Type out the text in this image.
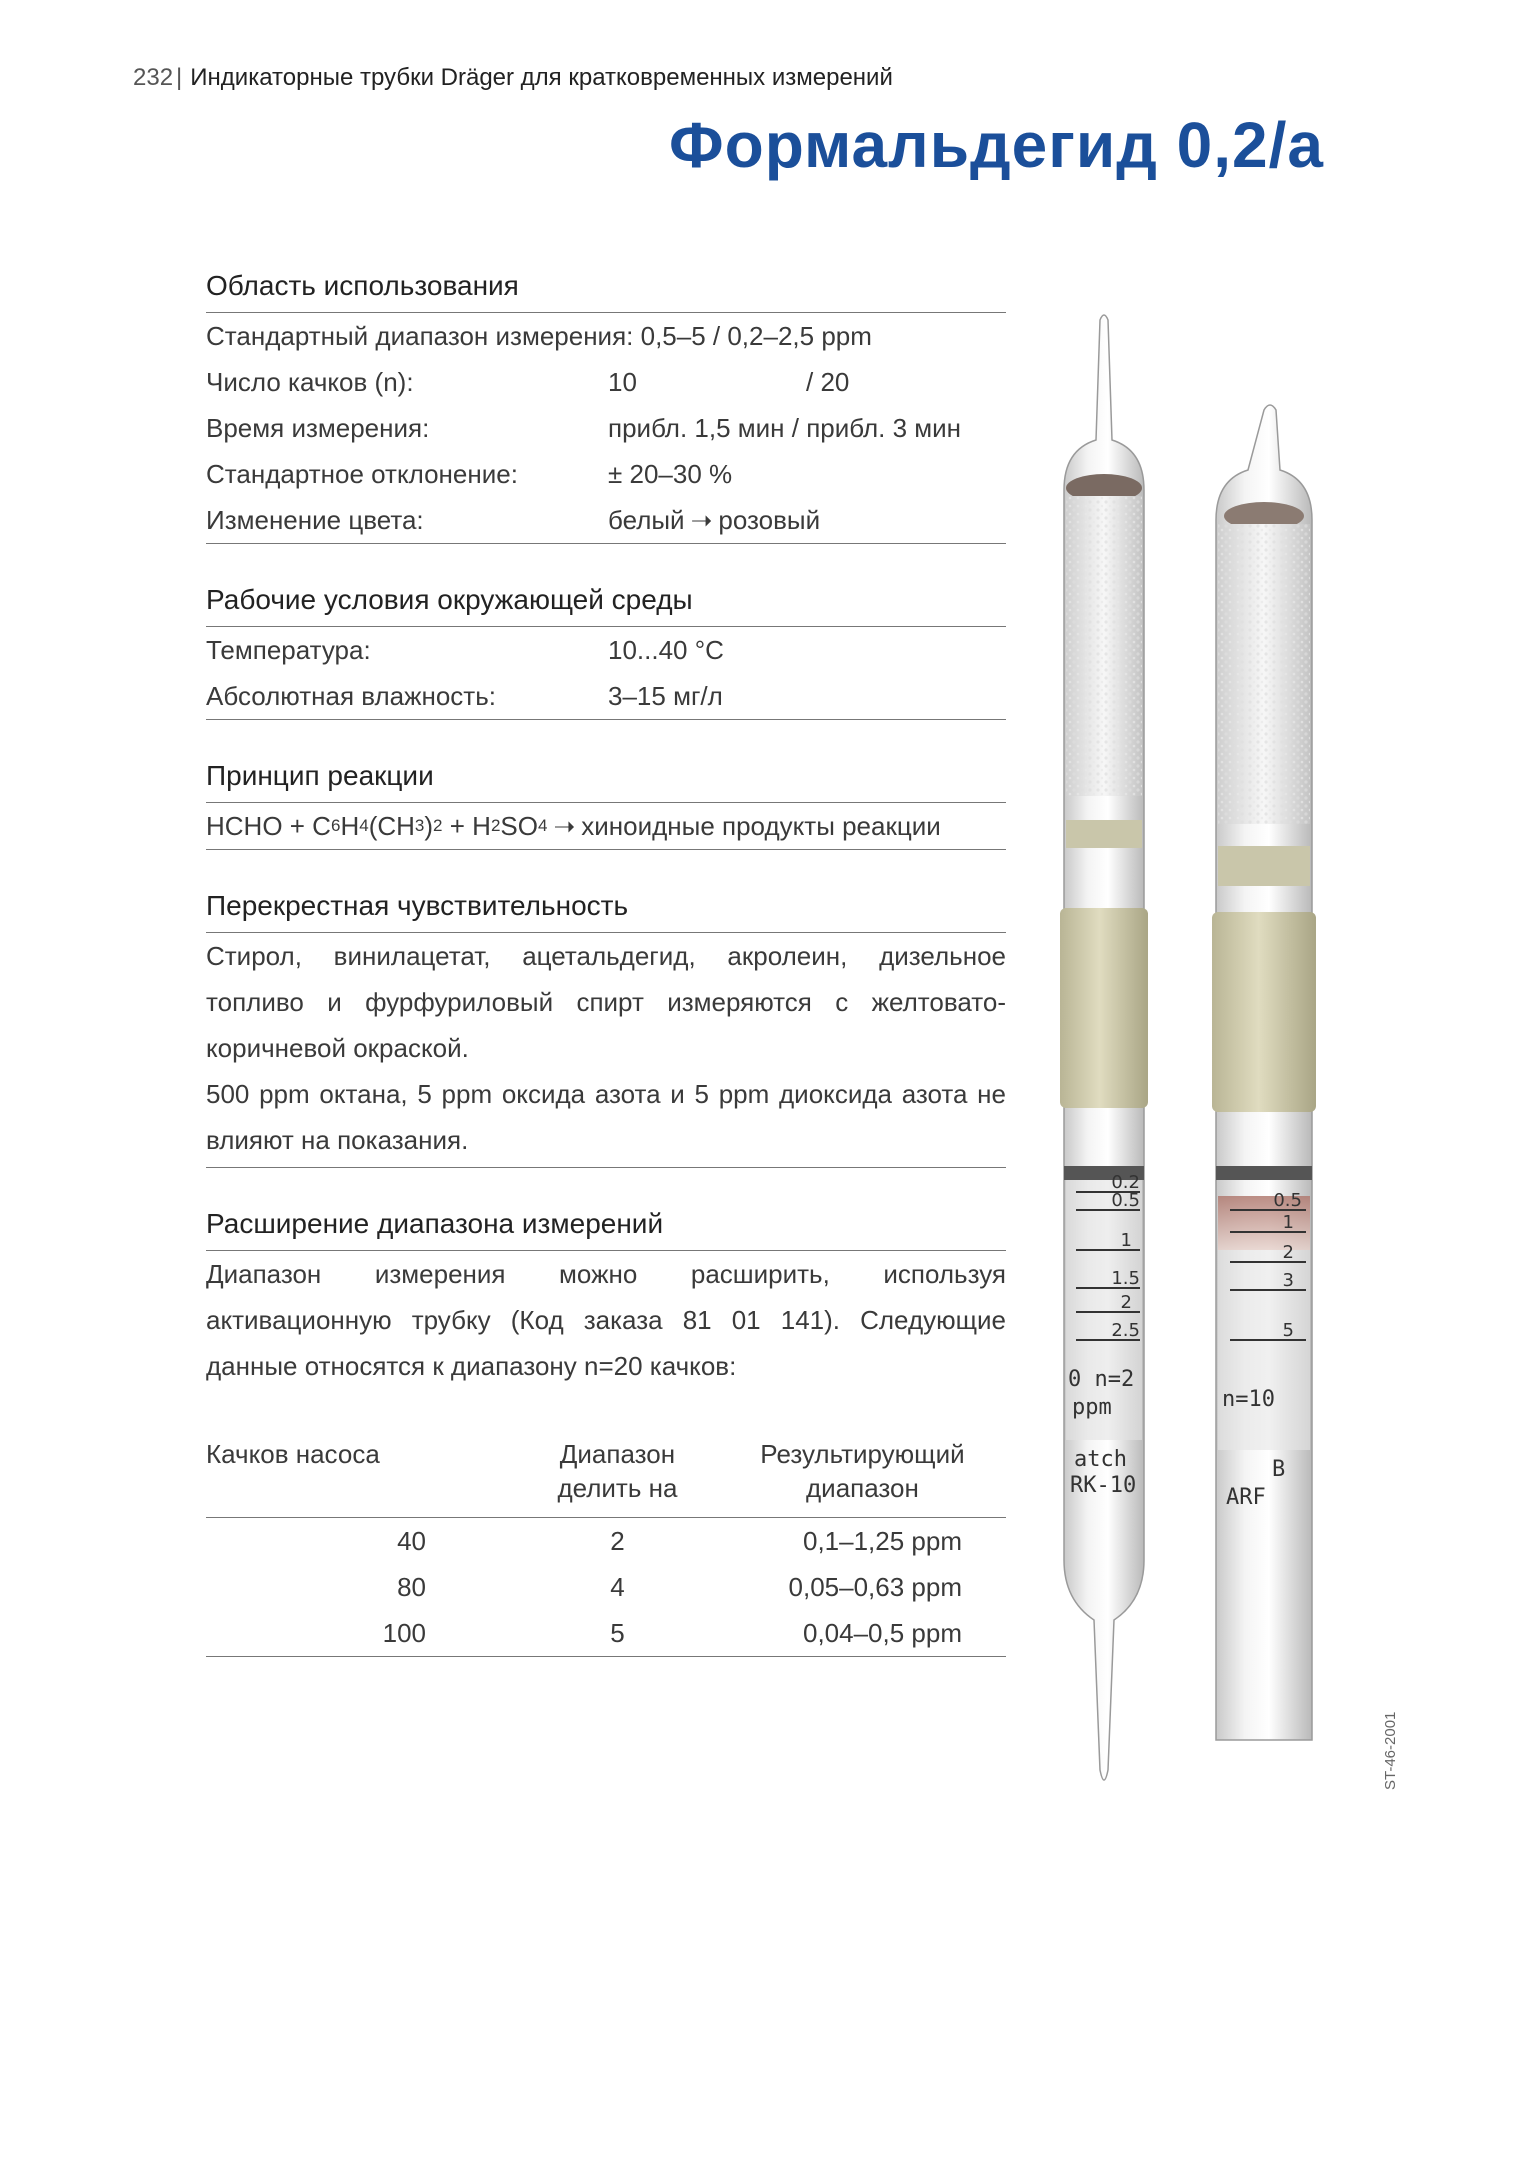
232 | Индикаторные трубки Dräger для кратковременных измерений
Формальдегид 0,2/a
Область использования
Стандартный диапазон измерения: 0,5–5 / 0,2–2,5 ppm
Число качков (n):	10	/ 20
Время измерения:	прибл. 1,5 мин / прибл. 3 мин
Стандартное отклонение:	± 20–30 %
Изменение цвета:	белый ➝ розовый
Рабочие условия окружающей среды
Температура:	10...40 °C
Абсолютная влажность:	3–15 мг/л
Принцип реакции
HCHO + C 6 H 4 (CH 3 ) 2 + H 2 SO 4 ➝ хиноидные продукты реакции
Перекрестная чувствительность
Стирол, винилацетат, ацетальдегид, акролеин, дизельное топливо и фурфуриловый спирт измеряются с желтовато-коричневой окраской.
500 ppm октана, 5 ppm оксида азота и 5 ppm диоксида азота не влияют на показания.
Расширение диапазона измерений
Диапазон измерения можно расширить, используя активационную трубку (Код заказа 81 01 141). Следующие данные относятся к диапазону n=20 качков:
Качков насоса	Диапазон делить на	Результирующий диапазон
40	2	0,1–1,25 ppm
80	4	0,05–0,63 ppm
100	5	0,04–0,5 ppm
0.2
0.5
1
1.5
2
2.5
0 n=2
ppm
atch
RK-10
0.5
1
2
3
5
n=10
B
ARF
ST-46-2001
